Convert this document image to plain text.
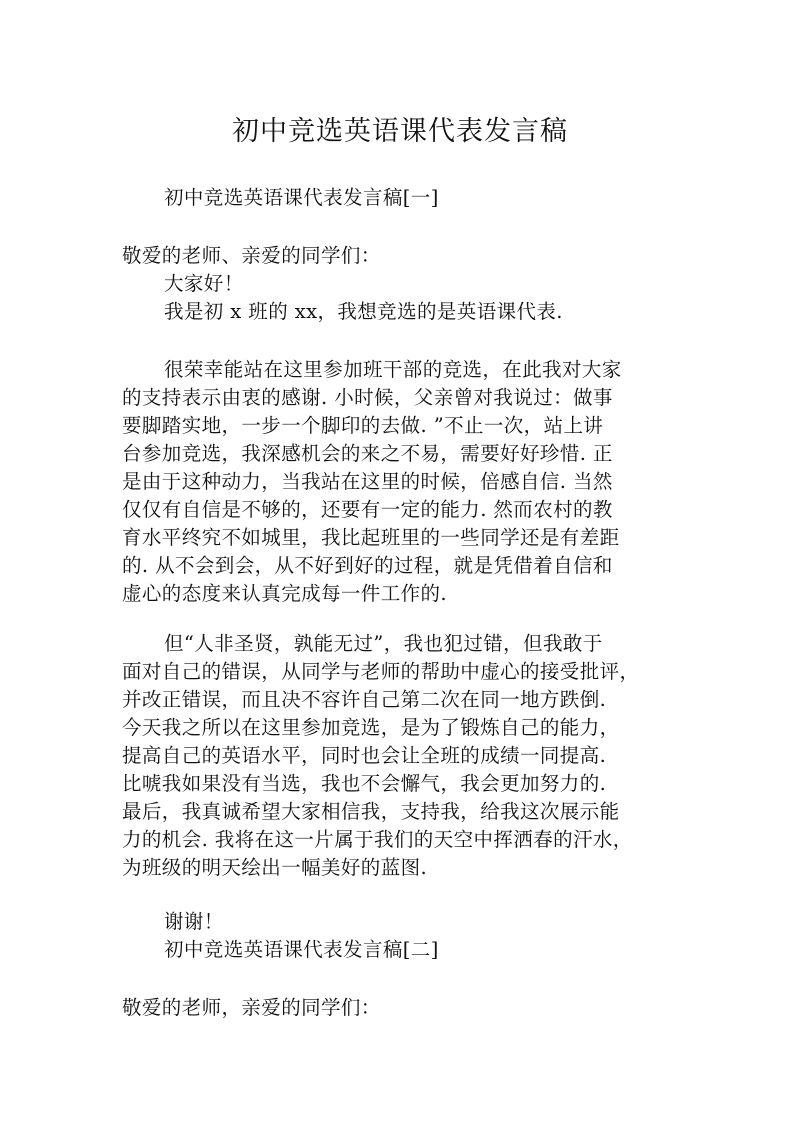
初中竞选英语课代表发言稿
初中竞选英语课代表发言稿[一]
敬爱的老师、亲爱的同学们：
大家好！
我是初 x 班的 xx，我想竞选的是英语课代表.
很荣幸能站在这里参加班干部的竞选，在此我对大家
的支持表示由衷的感谢. 小时候，父亲曾对我说过：做事
要脚踏实地，一步一个脚印的去做. ”不止一次，站上讲
台参加竞选，我深感机会的来之不易，需要好好珍惜. 正
是由于这种动力，当我站在这里的时候，倍感自信. 当然
仅仅有自信是不够的，还要有一定的能力. 然而农村的教
育水平终究不如城里，我比起班里的一些同学还是有差距
的. 从不会到会，从不好到好的过程，就是凭借着自信和
虚心的态度来认真完成每一件工作的.
但“人非圣贤，孰能无过”，我也犯过错，但我敢于
面对自己的错误，从同学与老师的帮助中虚心的接受批评，
并改正错误，而且决不容许自己第二次在同一地方跌倒.
今天我之所以在这里参加竞选，是为了锻炼自己的能力，
提高自己的英语水平，同时也会让全班的成绩一同提高.
比唬我如果没有当选，我也不会懈气，我会更加努力的.
最后，我真诚希望大家相信我，支持我，给我这次展示能
力的机会. 我将在这一片属于我们的天空中挥洒春的汗水，
为班级的明天绘出一幅美好的蓝图.
谢谢！
初中竞选英语课代表发言稿[二]
敬爱的老师，亲爱的同学们：
